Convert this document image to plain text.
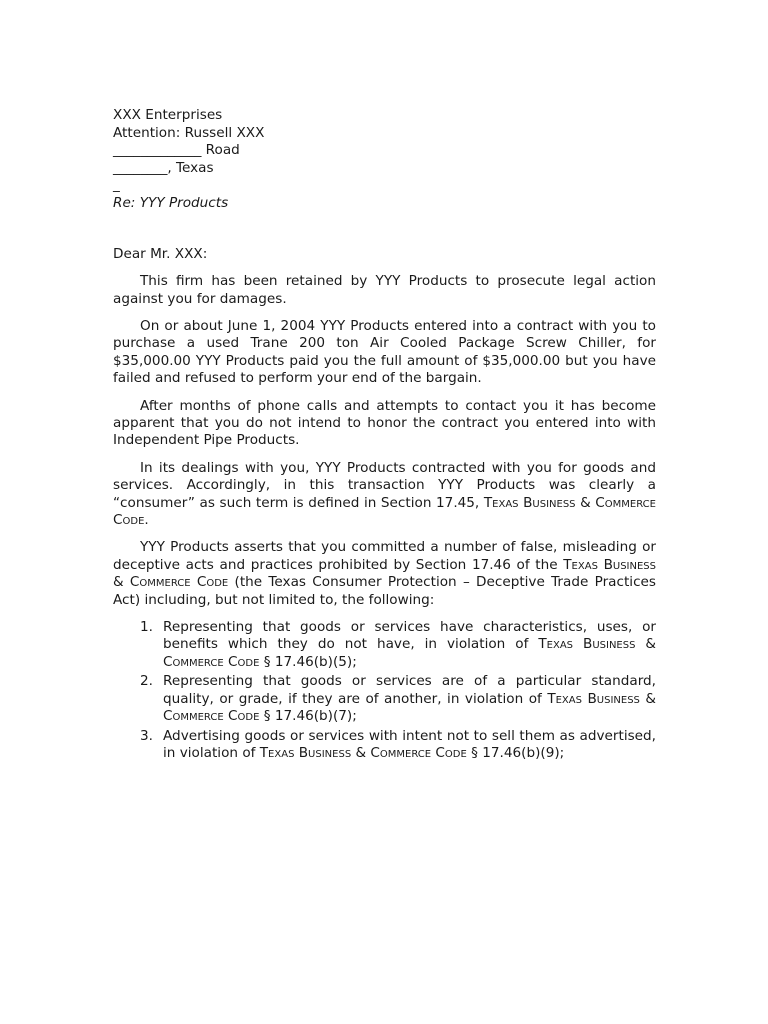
XXX Enterprises
Attention: Russell XXX
_____________ Road
________, Texas
_
Re: YYY Products
Dear Mr. XXX:

This firm has been retained by YYY Products to prosecute legal action against you for damages.

On or about June 1, 2004 YYY Products entered into a contract with you to purchase a used Trane 200 ton Air Cooled Package Screw Chiller, for $35,000.00 YYY Products paid you the full amount of $35,000.00 but you have failed and refused to perform your end of the bargain.

After months of phone calls and attempts to contact you it has become apparent that you do not intend to honor the contract you entered into with Independent Pipe Products.

In its dealings with you, YYY Products contracted with you for goods and services. Accordingly, in this transaction YYY Products was clearly a “consumer” as such term is defined in Section 17.45, Texas Business & Commerce Code.

YYY Products asserts that you committed a number of false, misleading or deceptive acts and practices prohibited by Section 17.46 of the Texas Business & Commerce Code (the Texas Consumer Protection – Deceptive Trade Practices Act) including, but not limited to, the following:

1. Representing that goods or services have characteristics, uses, or benefits which they do not have, in violation of Texas Business & Commerce Code § 17.46(b)(5);
2. Representing that goods or services are of a particular standard, quality, or grade, if they are of another, in violation of Texas Business & Commerce Code § 17.46(b)(7);
3. Advertising goods or services with intent not to sell them as advertised, in violation of Texas Business & Commerce Code § 17.46(b)(9);
